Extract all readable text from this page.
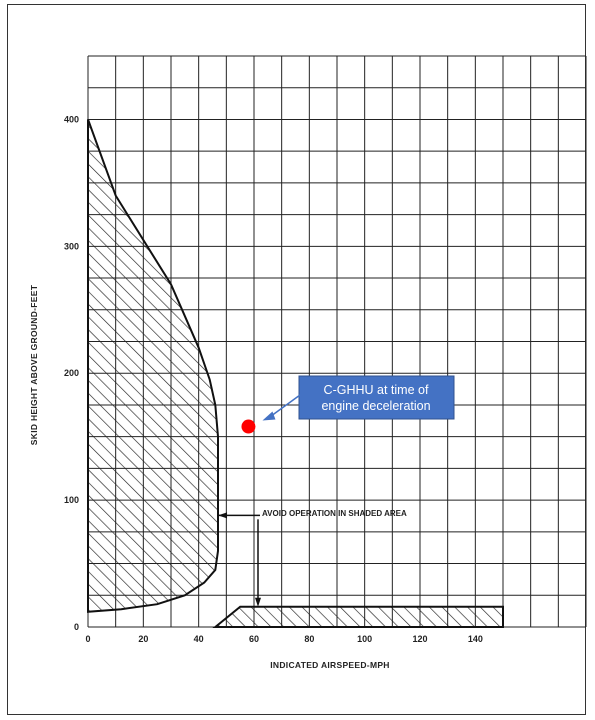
0	20	40	60	80	100	120	140
0
100
200
300
400
INDICATED AIRSPEED-MPH
SKID HEIGHT ABOVE GROUND-FEET
AVOID OPERATION IN SHADED AREA
C-GHHU at time of
engine deceleration
